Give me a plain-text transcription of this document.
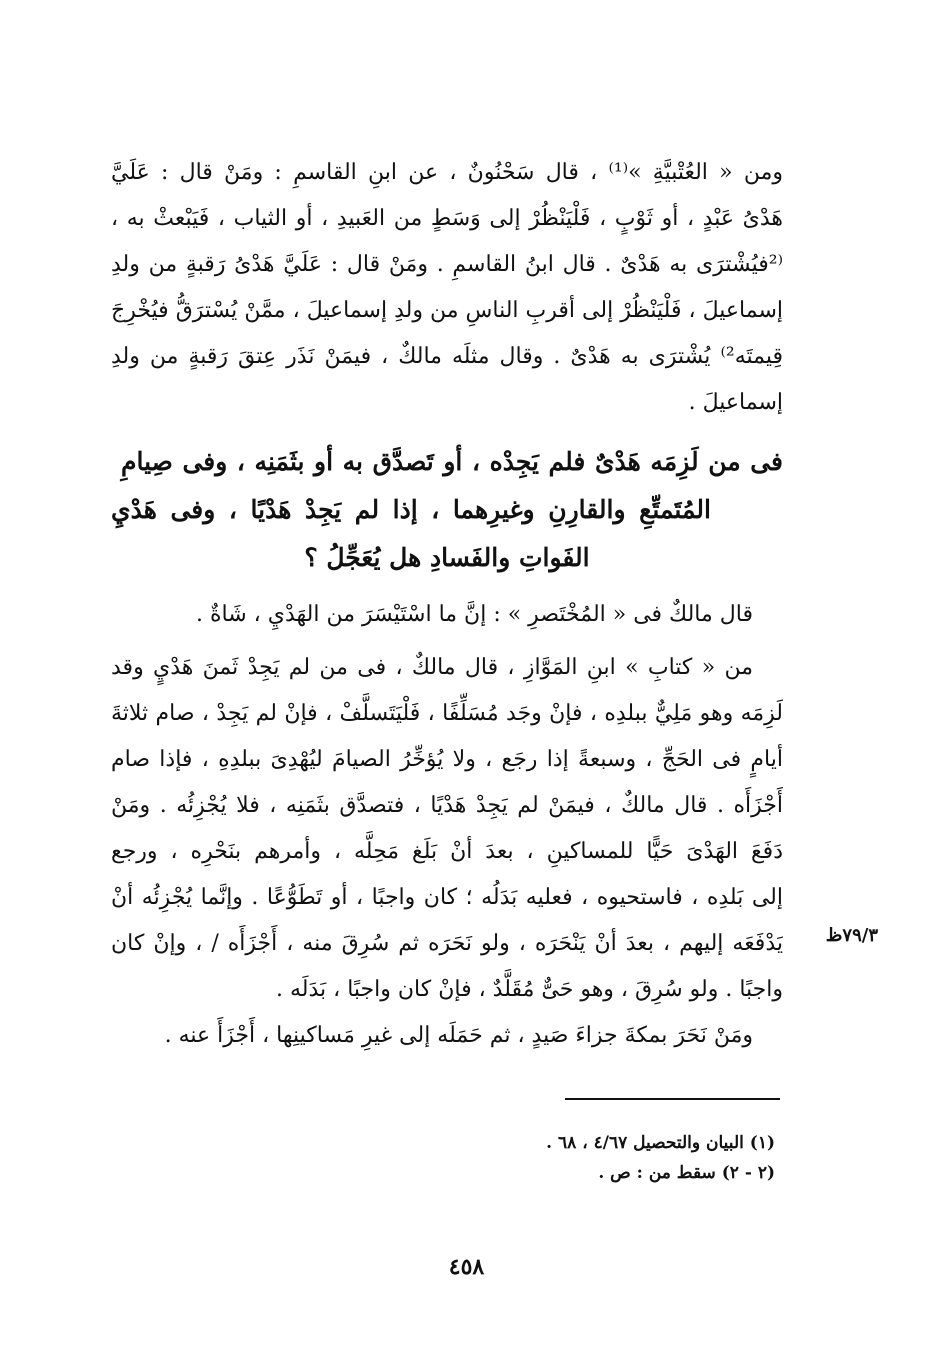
ومن « العُتْبيَّةِ »⁽¹⁾ ، قال سَحْنُونٌ ، عن ابنِ القاسمِ : ومَنْ قال : عَلَيَّ
هَدْىُ عَبْدٍ ، أو ثَوْبٍ ، فَلْيَنْظُرْ إلى وَسَطٍ من العَبيدِ ، أو الثياب ، فَيَبْعثْ به ،
⁽²فيُشْترَى به هَدْىٌ . قال ابنُ القاسمِ . ومَنْ قال : عَلَيَّ هَدْىُ رَقبةٍ من ولدِ
إسماعيلَ ، فَلْيَنْظُرْ إلى أقربِ الناسِ من ولدِ إسماعيلَ ، ممَّنْ يُسْترَقُّ فيُخْرِجَ
قِيمتَه²⁾ يُشْترَى به هَدْىٌ . وقال مثلَه مالكٌ ، فيمَنْ نَذَر عِتقَ رَقبةٍ من ولدِ
إسماعيلَ .
فى من لَزِمَه هَدْىٌ فلم يَجِدْه ، أو تَصدَّق به أو بثَمَنِه ، وفى صِيامِ
المُتَمتِّعِ والقارِنِ وغيرِهما ، إذا لم يَجِدْ هَدْيًا ، وفى هَدْيِ
الفَواتِ والفَسادِ هل يُعَجِّلُ ؟
قال مالكٌ فى « المُخْتَصرِ » : إنَّ ما اسْتَيْسَرَ من الهَدْيِ ، شَاةٌ .
من « كتابِ » ابنِ المَوَّازِ ، قال مالكٌ ، فى من لم يَجِدْ ثَمنَ هَدْيٍ وقد
لَزِمَه وهو مَلِيٌّ ببلدِه ، فإنْ وجَد مُسَلِّفًا ، فَلْيَتَسلَّفْ ، فإنْ لم يَجِدْ ، صام ثلاثةَ
أيامٍ فى الحَجِّ ، وسبعةً إذا رجَع ، ولا يُؤخِّرُ الصيامَ ليُهْدِىَ ببلدِهِ ، فإذا صام
أَجْزَأَه . قال مالكٌ ، فيمَنْ لم يَجِدْ هَدْيًا ، فتصدَّق بثَمَنِه ، فلا يُجْزِئُه . ومَنْ
دَفَعَ الهَدْىَ حَيًّا للمساكينِ ، بعدَ أنْ بَلَغ مَحِلَّه ، وأمرهم بنَحْرِه ، ورجع
إلى بَلدِه ، فاستحيوه ، فعليه بَدَلُه ؛ كان واجبًا ، أو تَطَوُّعًا . وإنَّما يُجْزِئُه أنْ
يَدْفَعَه إليهم ، بعدَ أنْ يَنْحَرَه ، ولو نَحَرَه ثم سُرِقَ منه ، أَجْزَأَه / ، وإنْ كان
واجبًا . ولو سُرِقَ ، وهو حَىٌّ مُقَلَّدٌ ، فإنْ كان واجبًا ، بَدَلَه .
ومَنْ نَحَرَ بمكةَ جزاءَ صَيدٍ ، ثم حَمَلَه إلى غيرِ مَساكينِها ، أَجْزَأَ عنه .
٧٩/٣ظ
(١) البيان والتحصيل ٤/٦٧ ، ٦٨ .
(٢ - ٢) سقط من : ص .
٤٥٨
